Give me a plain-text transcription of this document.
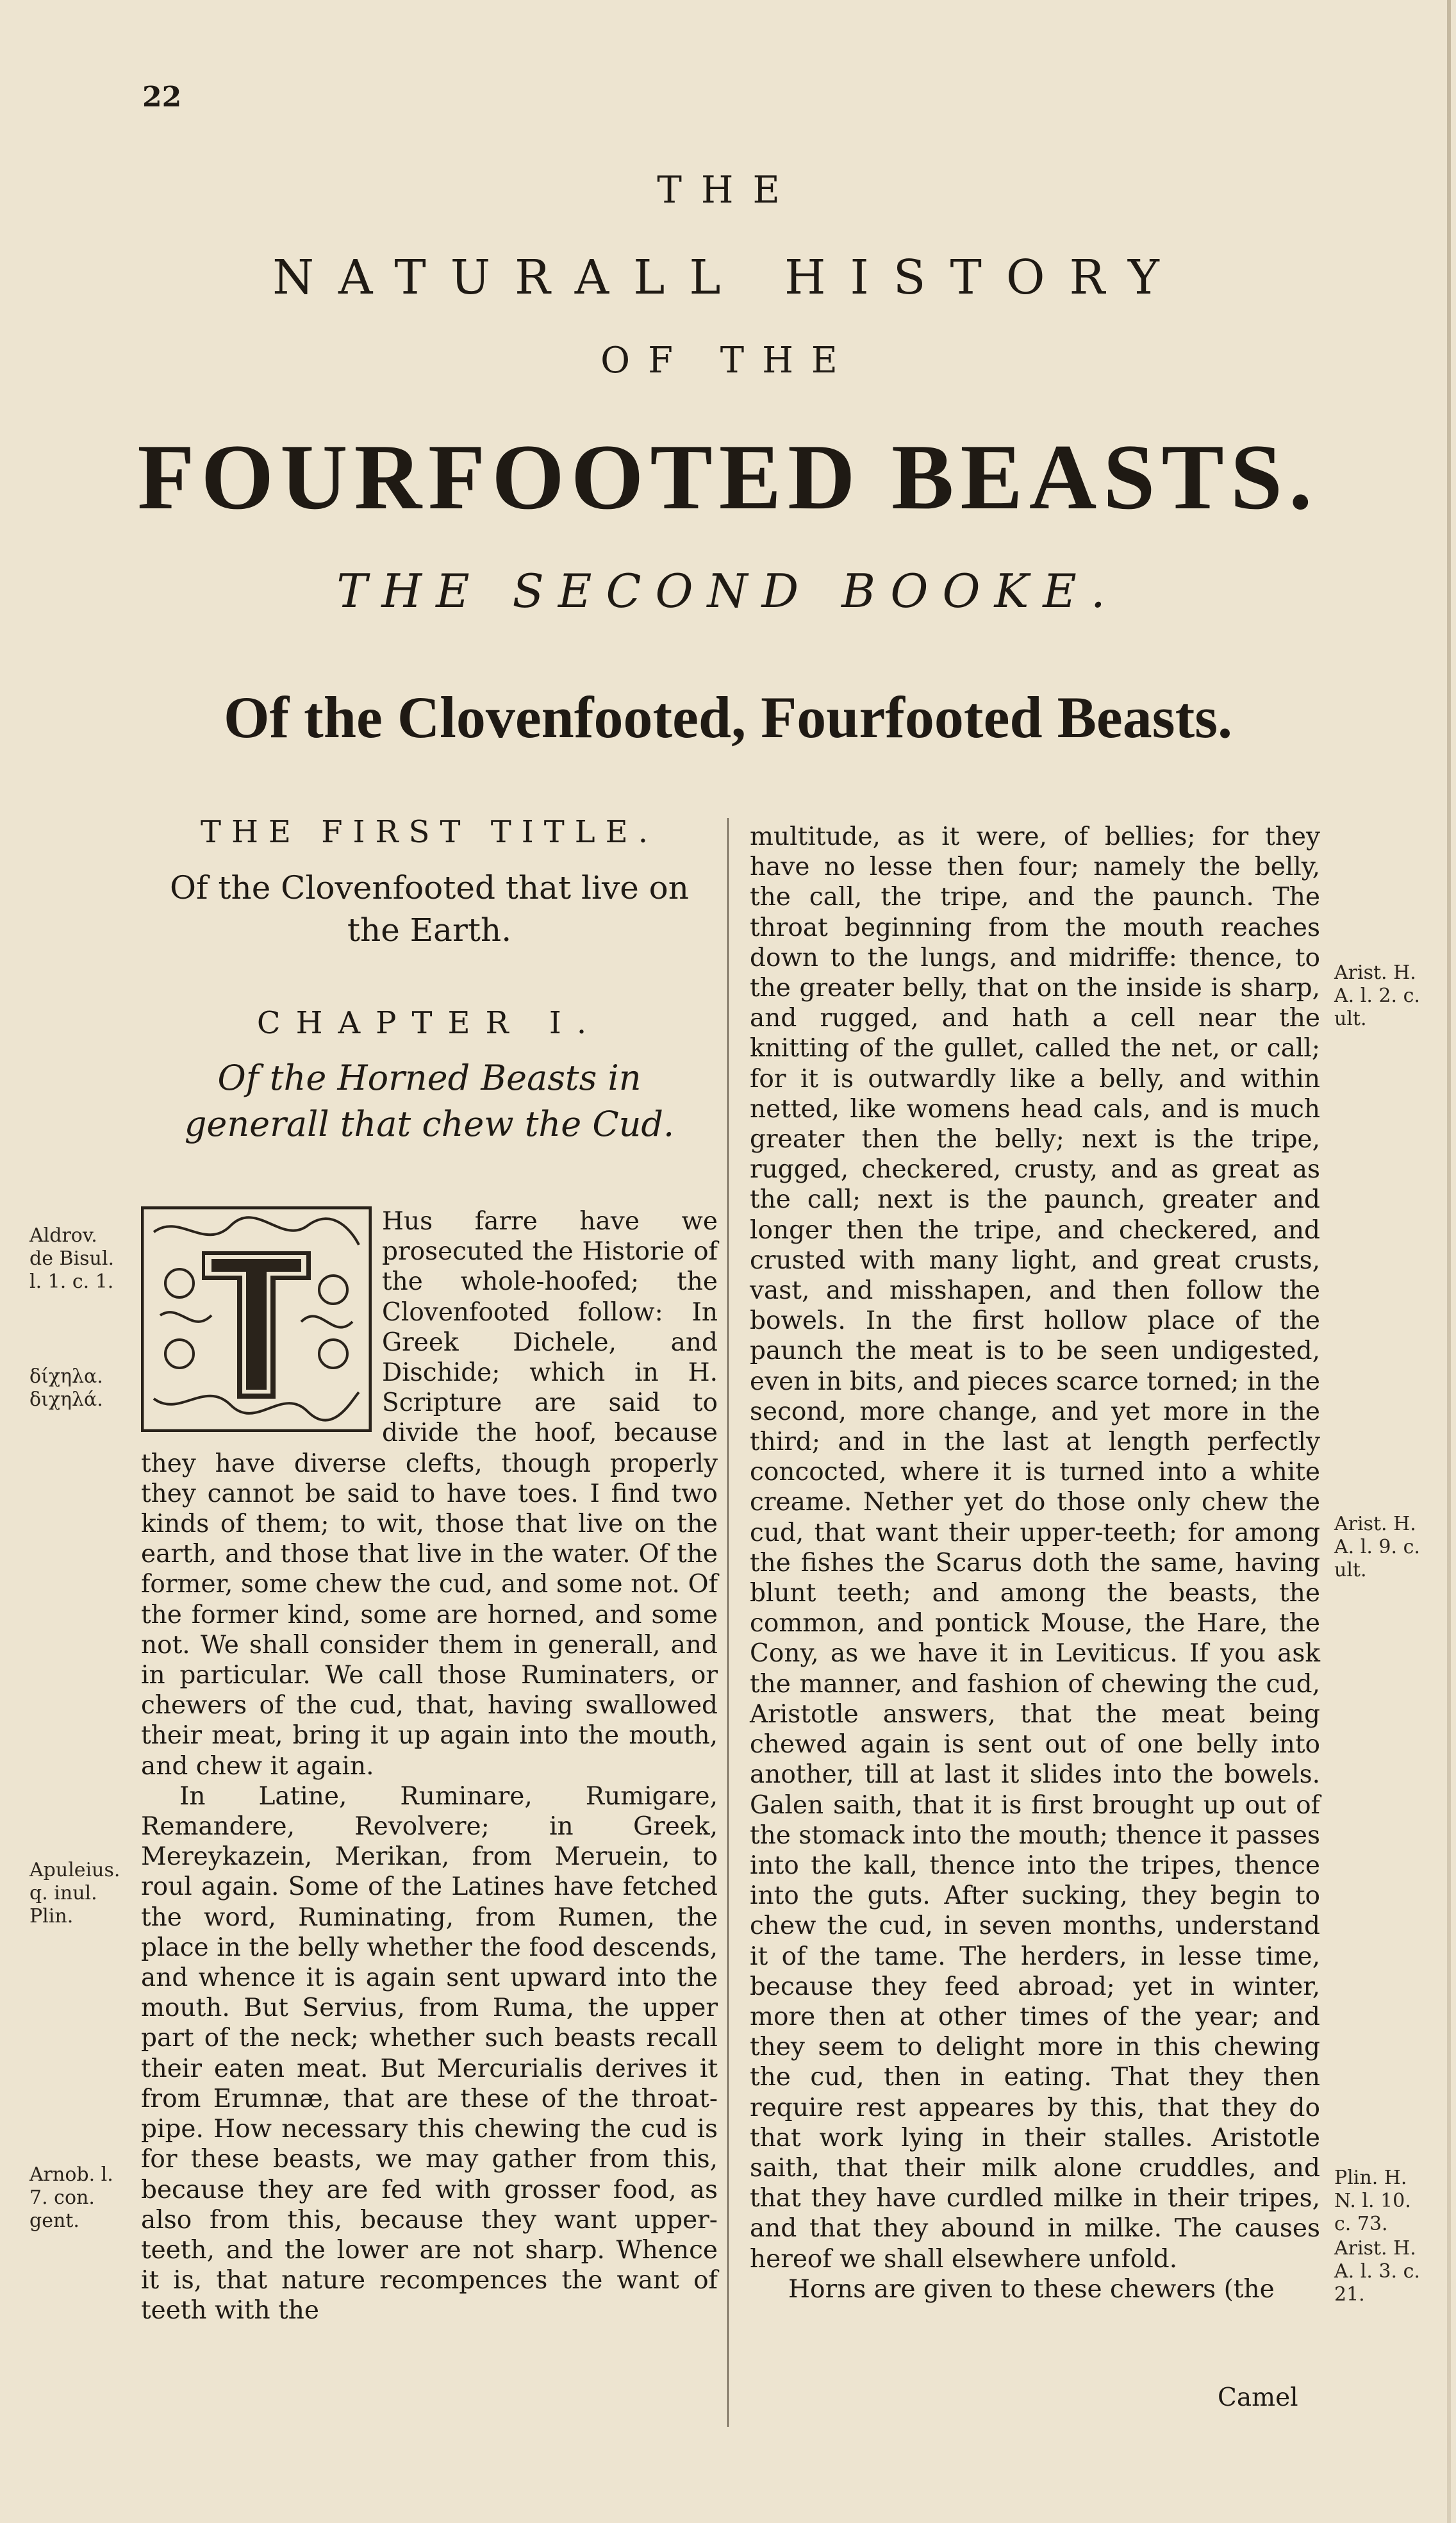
22
THE
NATURALL HISTORY
OF THE
FOURFOOTED BEASTS.
THE SECOND BOOKE.
Of the Clovenfooted, Fourfooted Beasts.

THE FIRST TITLE.

Of the Clovenfooted that live on the Earth.

CHAPTER I.

Of the Horned Beasts in generall that chew the Cud.

Hus farre have we prosecuted the Historie of the whole-hoofed; the Clovenfooted follow: In Greek Dichele, and Dischide; which in H. Scripture are said to divide the hoof, because they have diverse clefts, though properly they cannot be said to have toes. I find two kinds of them; to wit, those that live on the earth, and those that live in the water. Of the former, some chew the cud, and some not. Of the former kind, some are horned, and some not. We shall consider them in generall, and in particular. We call those Ruminaters, or chewers of the cud, that, having swallowed their meat, bring it up again into the mouth, and chew it again.

In Latine, Ruminare, Rumigare, Remandere, Revolvere; in Greek, Mereykazein, Merikan, from Meruein, to roul again. Some of the Latines have fetched the word, Ruminating, from Rumen, the place in the belly whether the food descends, and whence it is again sent upward into the mouth. But Servius, from Ruma, the upper part of the neck; whether such beasts recall their eaten meat. But Mercurialis derives it from Erumnæ, that are these of the throat-pipe. How necessary this chewing the cud is for these beasts, we may gather from this, because they are fed with grosser food, as also from this, because they want upper-teeth, and the lower are not sharp. Whence it is, that nature recompences the want of teeth with the

multitude, as it were, of bellies; for they have no lesse then four; namely the belly, the call, the tripe, and the paunch. The throat beginning from the mouth reaches down to the lungs, and midriffe: thence, to the greater belly, that on the inside is sharp, and rugged, and hath a cell near the knitting of the gullet, called the net, or call; for it is outwardly like a belly, and within netted, like womens head cals, and is much greater then the belly; next is the tripe, rugged, checkered, crusty, and as great as the call; next is the paunch, greater and longer then the tripe, and checkered, and crusted with many light, and great crusts, vast, and misshapen, and then follow the bowels. In the first hollow place of the paunch the meat is to be seen undigested, even in bits, and pieces scarce torned; in the second, more change, and yet more in the third; and in the last at length perfectly concocted, where it is turned into a white creame. Nether yet do those only chew the cud, that want their upper-teeth; for among the fishes the Scarus doth the same, having blunt teeth; and among the beasts, the common, and pontick Mouse, the Hare, the Cony, as we have it in Leviticus. If you ask the manner, and fashion of chewing the cud, Aristotle answers, that the meat being chewed again is sent out of one belly into another, till at last it slides into the bowels. Galen saith, that it is first brought up out of the stomack into the mouth; thence it passes into the kall, thence into the tripes, thence into the guts. After sucking, they begin to chew the cud, in seven months, understand it of the tame. The herders, in lesse time, because they feed abroad; yet in winter, more then at other times of the year; and they seem to delight more in this chewing the cud, then in eating. That they then require rest appeares by this, that they do that work lying in their stalles. Aristotle saith, that their milk alone cruddles, and that they have curdled milke in their tripes, and that they abound in milke. The causes hereof we shall elsewhere unfold.

Horns are given to these chewers (the

Camel
Aldrov. de Bisul. l. 1. c. 1.
δίχηλα. διχηλά.
Apuleius. q. inul. Plin.
Arnob. l. 7. con. gent.
Arist. H. A. l. 2. c. ult.
Arist. H. A. l. 9. c. ult.
Plin. H. N. l. 10. c. 73.
Arist. H. A. l. 3. c. 21.
